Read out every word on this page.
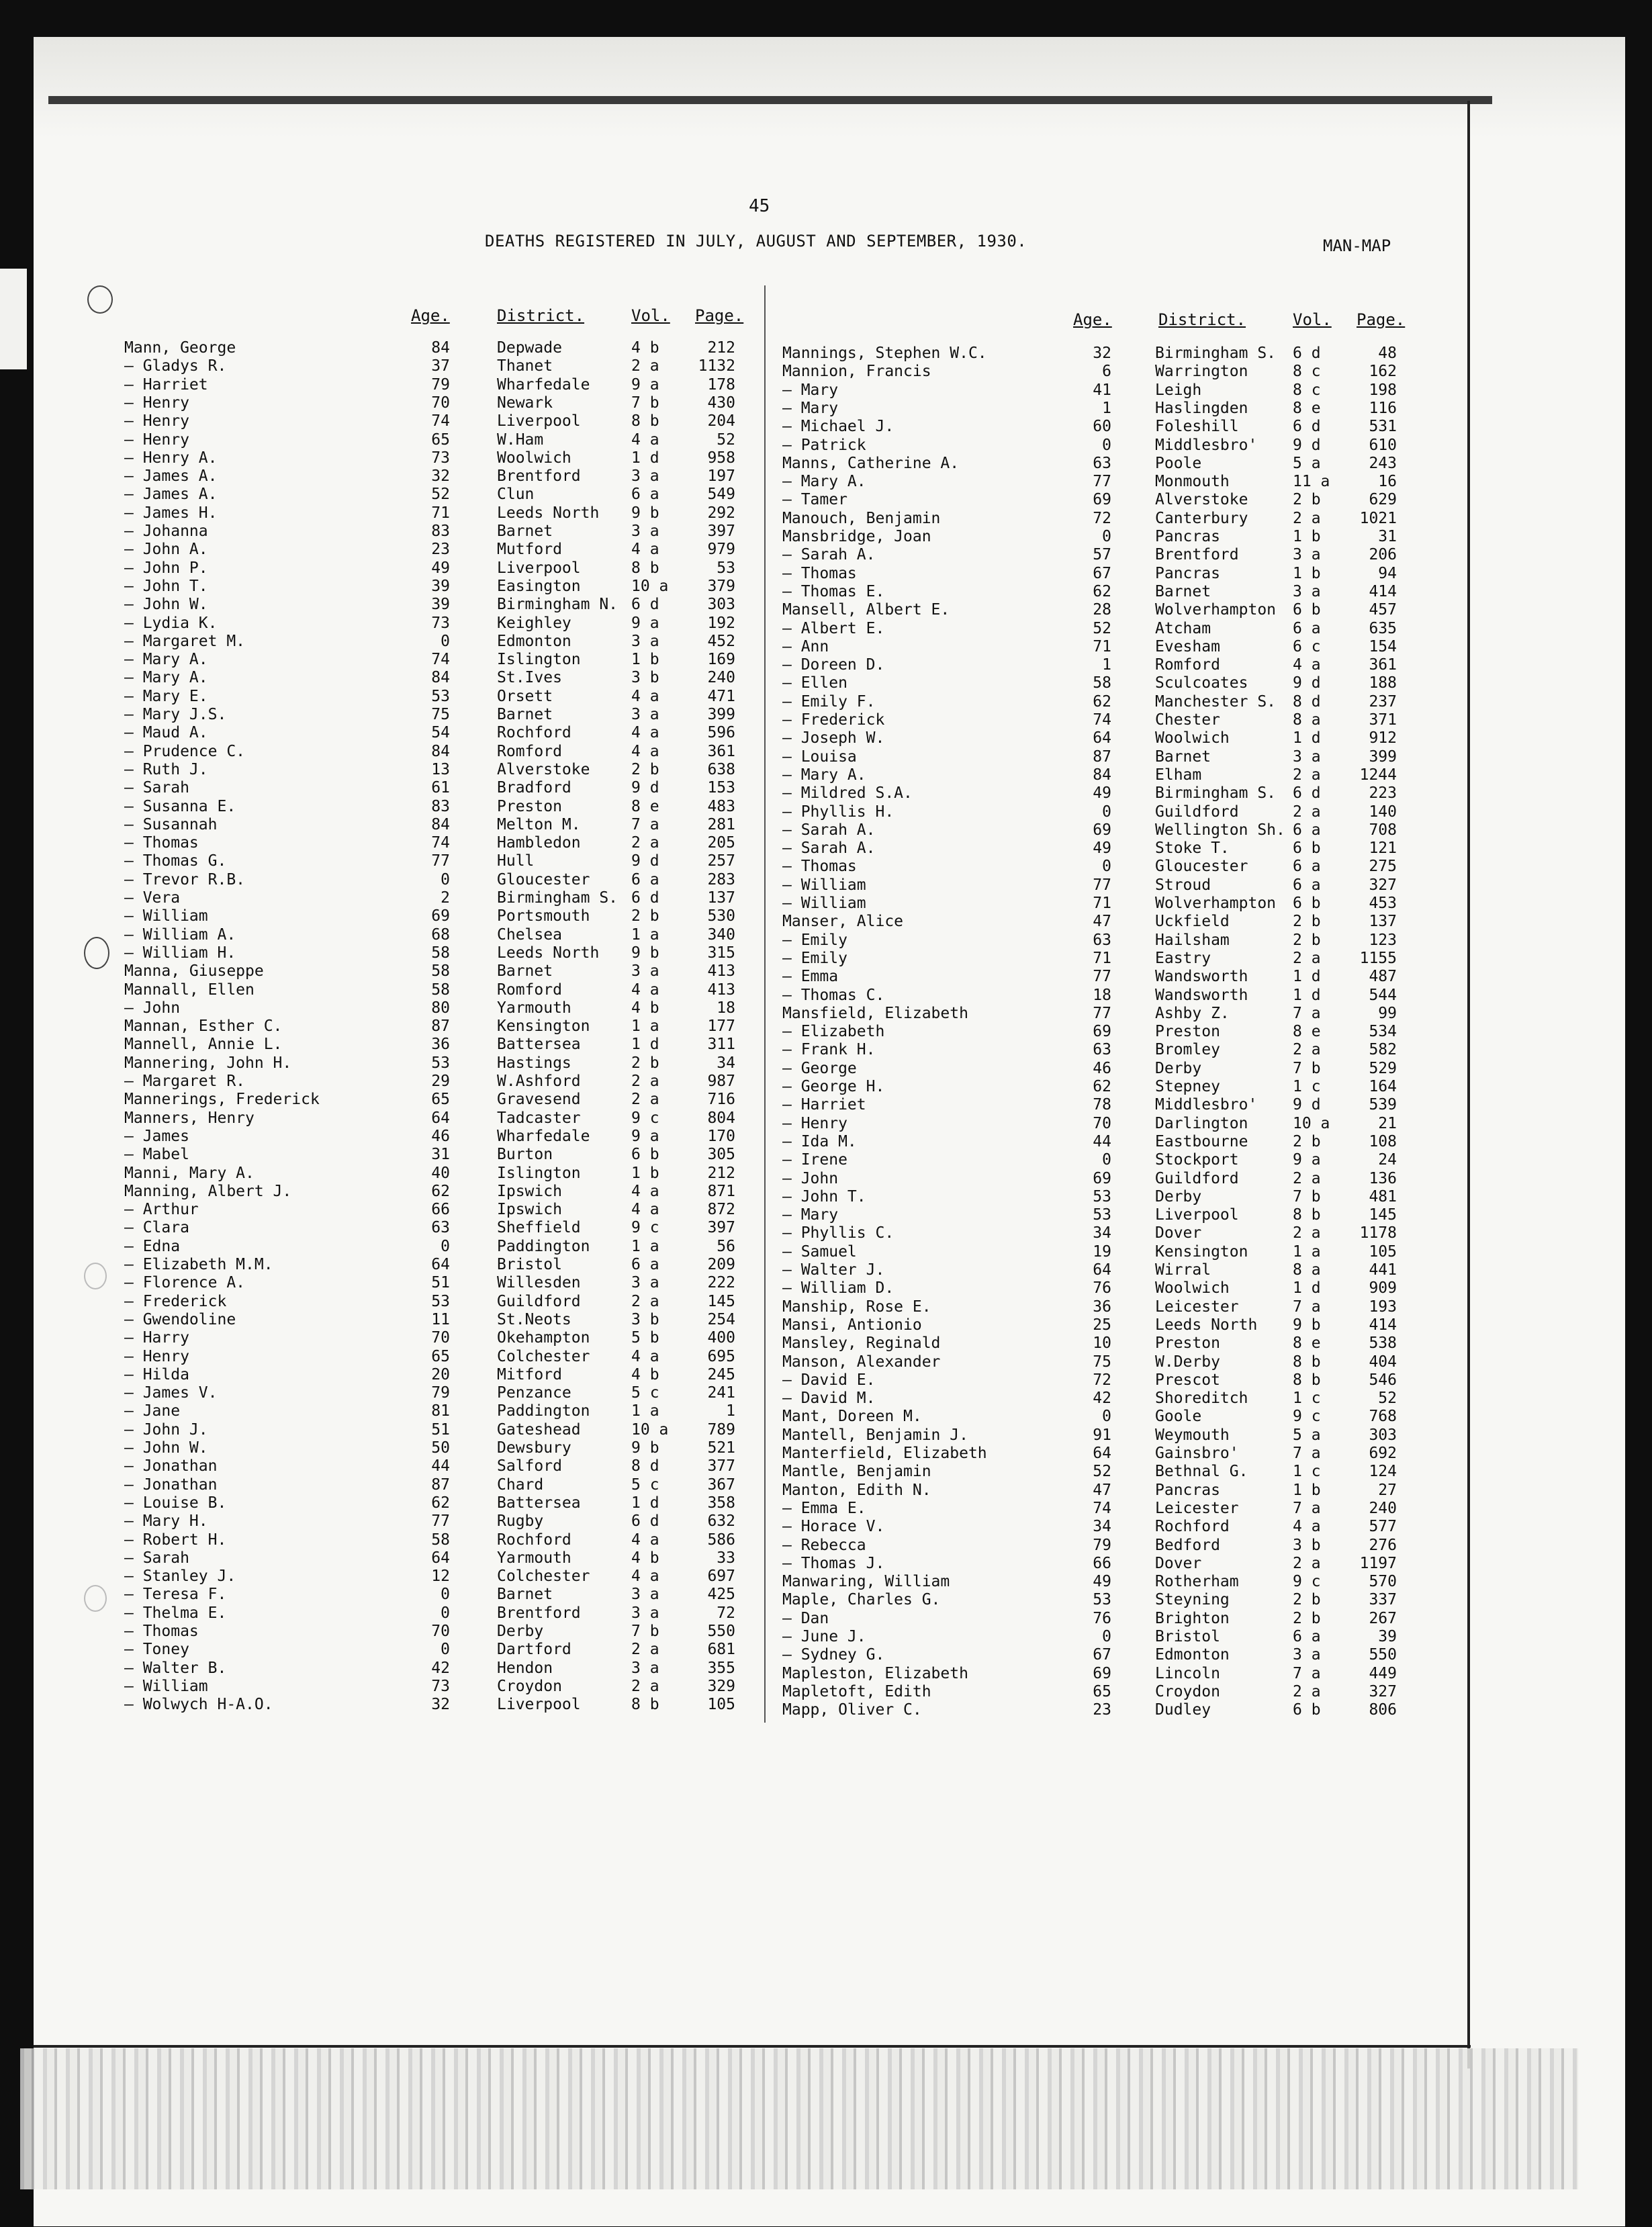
45
DEATHS REGISTERED IN JULY, AUGUST AND SEPTEMBER, 1930.	MAN-MAP
Age.	District.	Vol. Page.	Age.	District.	Vol. Page.
Mann, George	84	Depwade	4 b	212
— Gladys R.	37	Thanet	2 a	1132
— Harriet	79	Wharfedale	9 a	178
— Henry	70	Newark	7 b	430
— Henry	74	Liverpool	8 b	204
— Henry	65	W.Ham	4 a	52
— Henry A.	73	Woolwich	1 d	958
— James A.	32	Brentford	3 a	197
— James A.	52	Clun	6 a	549
— James H.	71	Leeds North 9 b	292
— Johanna	83	Barnet	3 a	397
— John A.	23	Mutford	4 a	979
— John P.	49	Liverpool	8 b	53
— John T.	39	Easington	10 a	379
— John W.	39	Birmingham N. 6 d	303
— Lydia K.	73	Keighley	9 a	192
— Margaret M.	0	Edmonton	3 a	452
— Mary A.	74	Islington	1 b	169
— Mary A.	84	St.Ives	3 b	240
— Mary E.	53	Orsett	4 a	471
— Mary J.S.	75	Barnet	3 a	399
— Maud A.	54	Rochford	4 a	596
— Prudence C.	84	Romford	4 a	361
— Ruth J.	13	Alverstoke	2 b	638
— Sarah	61	Bradford	9 d	153
— Susanna E.	83	Preston	8 e	483
— Susannah	84	Melton M.	7 a	281
— Thomas	74	Hambledon	2 a	205
— Thomas G.	77	Hull	9 d	257
— Trevor R.B.	0	Gloucester	6 a	283
— Vera	2	Birmingham S. 6 d	137
— William	69	Portsmouth	2 b	530
— William A.	68	Chelsea	1 a	340
— William H.	58	Leeds North 9 b	315
Manna, Giuseppe	58	Barnet	3 a	413
Mannall, Ellen	58	Romford	4 a	413
— John	80	Yarmouth	4 b	18
Mannan, Esther C.	87	Kensington	1 a	177
Mannell, Annie L.	36	Battersea	1 d	311
Mannering, John H.	53	Hastings	2 b	34
— Margaret R.	29	W.Ashford	2 a	987
Mannerings, Frederick	65	Gravesend	2 a	716
Manners, Henry	64	Tadcaster	9 c	804
— James	46	Wharfedale	9 a	170
— Mabel	31	Burton	6 b	305
Manni, Mary A.	40	Islington	1 b	212
Manning, Albert J.	62	Ipswich	4 a	871
— Arthur	66	Ipswich	4 a	872
— Clara	63	Sheffield	9 c	397
— Edna	0	Paddington	1 a	56
— Elizabeth M.M.	64	Bristol	6 a	209
— Florence A.	51	Willesden	3 a	222
— Frederick	53	Guildford	2 a	145
— Gwendoline	11	St.Neots	3 b	254
— Harry	70	Okehampton	5 b	400
— Henry	65	Colchester	4 a	695
— Hilda	20	Mitford	4 b	245
— James V.	79	Penzance	5 c	241
— Jane	81	Paddington	1 a	1
— John J.	51	Gateshead	10 a	789
— John W.	50	Dewsbury	9 b	521
— Jonathan	44	Salford	8 d	377
— Jonathan	87	Chard	5 c	367
— Louise B.	62	Battersea	1 d	358
— Mary H.	77	Rugby	6 d	632
— Robert H.	58	Rochford	4 a	586
— Sarah	64	Yarmouth	4 b	33
— Stanley J.	12	Colchester	4 a	697
— Teresa F.	0	Barnet	3 a	425
— Thelma E.	0	Brentford	3 a	72
— Thomas	70	Derby	7 b	550
— Toney	0	Dartford	2 a	681
— Walter B.	42	Hendon	3 a	355
— William	73	Croydon	2 a	329
— Wolwych H-A.O.	32	Liverpool	8 b	105
Mannings, Stephen W.C.	32	Birmingham S. 6 d	48
Mannion, Francis	6	Warrington	8 c	162
— Mary	41	Leigh	8 c	198
— Mary	1	Haslingden	8 e	116
— Michael J.	60	Foleshill	6 d	531
— Patrick	0	Middlesbro' 9 d	610
Manns, Catherine A.	63	Poole	5 a	243
— Mary A.	77	Monmouth	11 a	16
— Tamer	69	Alverstoke	2 b	629
Manouch, Benjamin	72	Canterbury	2 a	1021
Mansbridge, Joan	0	Pancras	1 b	31
— Sarah A.	57	Brentford	3 a	206
— Thomas	67	Pancras	1 b	94
— Thomas E.	62	Barnet	3 a	414
Mansell, Albert E.	28	Wolverhampton 6 b	457
— Albert E.	52	Atcham	6 a	635
— Ann	71	Evesham	6 c	154
— Doreen D.	1	Romford	4 a	361
— Ellen	58	Sculcoates	9 d	188
— Emily F.	62	Manchester S. 8 d	237
— Frederick	74	Chester	8 a	371
— Joseph W.	64	Woolwich	1 d	912
— Louisa	87	Barnet	3 a	399
— Mary A.	84	Elham	2 a	1244
— Mildred S.A.	49	Birmingham S. 6 d	223
— Phyllis H.	0	Guildford	2 a	140
— Sarah A.	69	Wellington Sh. 6 a	708
— Sarah A.	49	Stoke T.	6 b	121
— Thomas	0	Gloucester	6 a	275
— William	77	Stroud	6 a	327
— William	71	Wolverhampton 6 b	453
Manser, Alice	47	Uckfield	2 b	137
— Emily	63	Hailsham	2 b	123
— Emily	71	Eastry	2 a	1155
— Emma	77	Wandsworth	1 d	487
— Thomas C.	18	Wandsworth	1 d	544
Mansfield, Elizabeth	77	Ashby Z.	7 a	99
— Elizabeth	69	Preston	8 e	534
— Frank H.	63	Bromley	2 a	582
— George	46	Derby	7 b	529
— George H.	62	Stepney	1 c	164
— Harriet	78	Middlesbro' 9 d	539
— Henry	70	Darlington	10 a	21
— Ida M.	44	Eastbourne	2 b	108
— Irene	0	Stockport	9 a	24
— John	69	Guildford	2 a	136
— John T.	53	Derby	7 b	481
— Mary	53	Liverpool	8 b	145
— Phyllis C.	34	Dover	2 a	1178
— Samuel	19	Kensington	1 a	105
— Walter J.	64	Wirral	8 a	441
— William D.	76	Woolwich	1 d	909
Manship, Rose E.	36	Leicester	7 a	193
Mansi, Antionio	25	Leeds North 9 b	414
Mansley, Reginald	10	Preston	8 e	538
Manson, Alexander	75	W.Derby	8 b	404
— David E.	72	Prescot	8 b	546
— David M.	42	Shoreditch	1 c	52
Mant, Doreen M.	0	Goole	9 c	768
Mantell, Benjamin J.	91	Weymouth	5 a	303
Manterfield, Elizabeth	64	Gainsbro'	7 a	692
Mantle, Benjamin	52	Bethnal G.	1 c	124
Manton, Edith N.	47	Pancras	1 b	27
— Emma E.	74	Leicester	7 a	240
— Horace V.	34	Rochford	4 a	577
— Rebecca	79	Bedford	3 b	276
— Thomas J.	66	Dover	2 a	1197
Manwaring, William	49	Rotherham	9 c	570
Maple, Charles G.	53	Steyning	2 b	337
— Dan	76	Brighton	2 b	267
— June J.	0	Bristol	6 a	39
— Sydney G.	67	Edmonton	3 a	550
Mapleston, Elizabeth	69	Lincoln	7 a	449
Mapletoft, Edith	65	Croydon	2 a	327
Mapp, Oliver C.	23	Dudley	6 b	806
